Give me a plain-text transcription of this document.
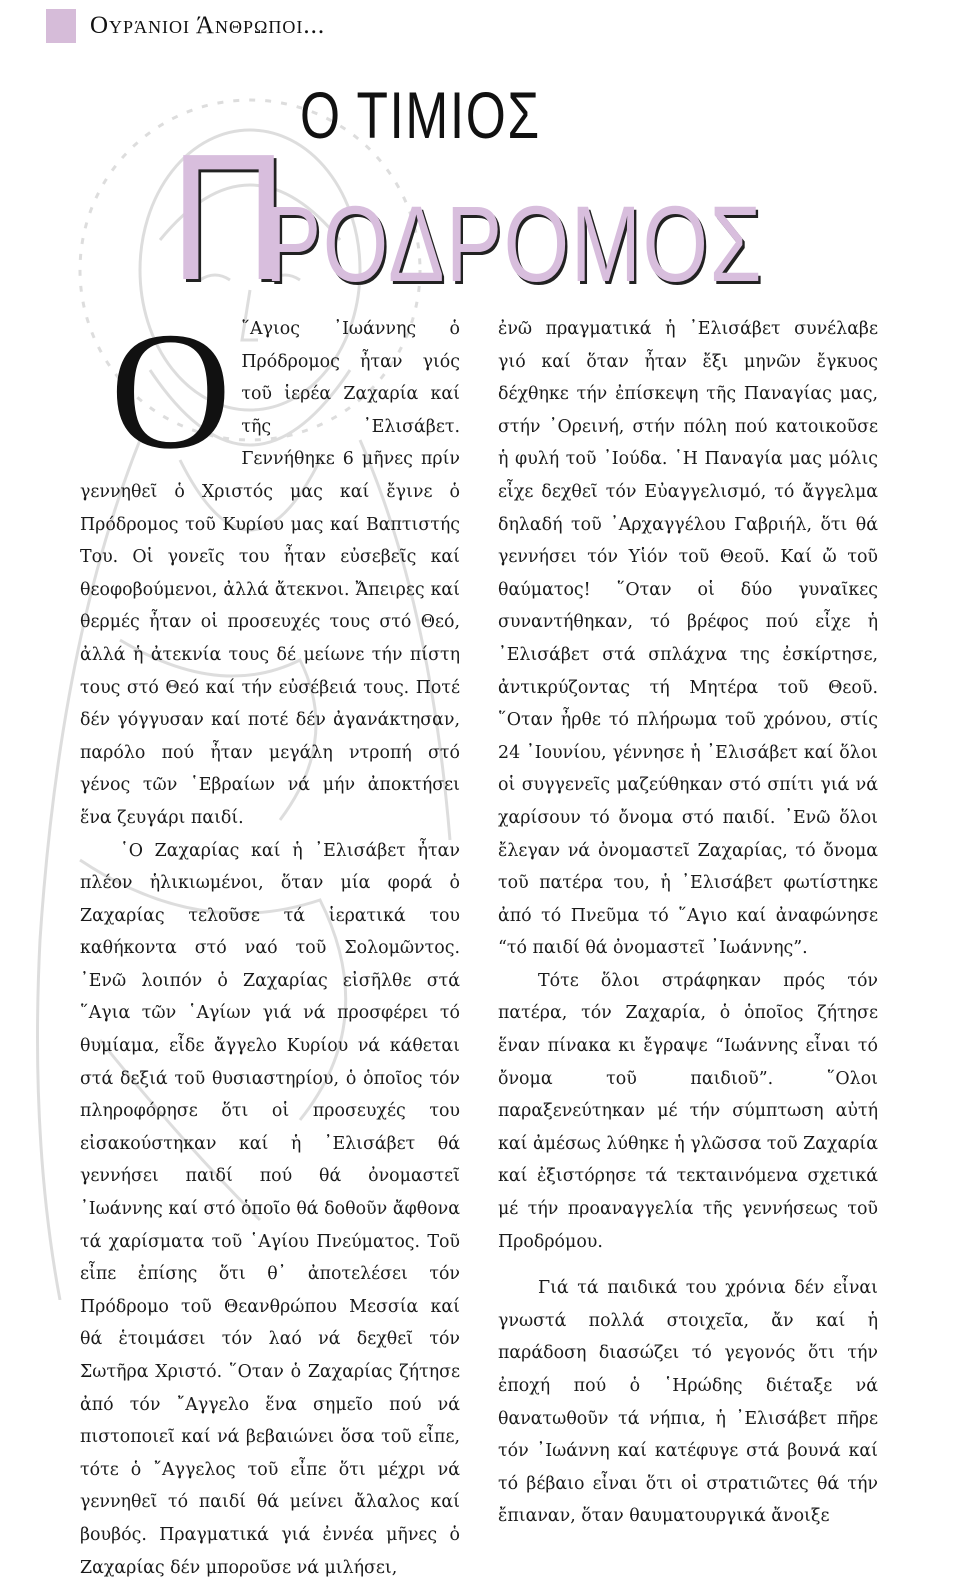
Ουράνιοι Άνθρωποι...
Ο ΤΙΜΙΟΣ
Π
ΡΟΔΡΟΜΟΣ

Ο ῞Αγιος ᾿Ιωάννης ὁ Πρόδρομος ἦταν γιός τοῦ ἱερέα Ζαχαρία καί τῆς ᾿Ελισάβετ. Γεννήθηκε 6 μῆνες πρίν γεννηθεῖ ὁ Χριστός μας καί ἔγινε ὁ Πρόδρομος τοῦ Κυρίου μας καί Βαπτιστής Του. Οἱ γονεῖς του ἦταν εὐσεβεῖς καί θεοφοβούμενοι, ἀλλά ἄτεκνοι. Ἄπειρες καί θερμές ἦταν οἱ προσευχές τους στό Θεό, ἀλλά ἡ ἀτεκνία τους δέ μείωνε τήν πίστη τους στό Θεό καί τήν εὐσέβειά τους. Ποτέ δέν γόγγυσαν καί ποτέ δέν ἀγανάκτησαν, παρόλο πού ἦταν μεγάλη ντροπή στό γένος τῶν ῾Εβραίων νά μήν ἀποκτήσει ἕνα ζευγάρι παιδί.

῾Ο Ζαχαρίας καί ἡ ᾿Ελισάβετ ἦταν πλέον ἡλικιωμένοι, ὅταν μία φορά ὁ Ζαχαρίας τελοῦσε τά ἱερατικά του καθήκοντα στό ναό τοῦ Σολομῶντος. ᾿Ενῶ λοιπόν ὁ Ζαχαρίας εἰσῆλθε στά ῞Αγια τῶν ῾Αγίων γιά νά προσφέρει τό θυμίαμα, εἶδε ἄγγελο Κυρίου νά κάθεται στά δεξιά τοῦ θυσιαστηρίου, ὁ ὁποῖος τόν πληροφόρησε ὅτι οἱ προσευχές του εἰσακούστηκαν καί ἡ ᾿Ελισάβετ θά γεννήσει παιδί πού θά ὀνομαστεῖ ᾿Ιωάννης καί στό ὁποῖο θά δοθοῦν ἄφθονα τά χαρίσματα τοῦ ῾Αγίου Πνεύματος. Τοῦ εἶπε ἐπίσης ὅτι θ᾿ ἀποτελέσει τόν Πρόδρομο τοῦ Θεανθρώπου Μεσσία καί θά ἑτοιμάσει τόν λαό νά δεχθεῖ τόν Σωτῆρα Χριστό. ῞Οταν ὁ Ζαχαρίας ζήτησε ἀπό τόν ῎Αγγελο ἕνα σημεῖο πού νά πιστοποιεῖ καί νά βεβαιώνει ὅσα τοῦ εἶπε, τότε ὁ ῎Αγγελος τοῦ εἶπε ὅτι μέχρι νά γεννηθεῖ τό παιδί θά μείνει ἄλαλος καί βουβός. Πραγματικά γιά ἐννέα μῆνες ὁ Ζαχαρίας δέν μποροῦσε νά μιλήσει,

ἐνῶ πραγματικά ἡ ᾿Ελισάβετ συνέλαβε γιό καί ὅταν ἦταν ἔξι μηνῶν ἔγκυος δέχθηκε τήν ἐπίσκεψη τῆς Παναγίας μας, στήν ᾿Ορεινή, στήν πόλη πού κατοικοῦσε ἡ φυλή τοῦ ᾿Ιούδα. ῾Η Παναγία μας μόλις εἶχε δεχθεῖ τόν Εὐαγγελισμό, τό ἄγγελμα δηλαδή τοῦ ᾿Αρχαγγέλου Γαβριήλ, ὅτι θά γεννήσει τόν Υἱόν τοῦ Θεοῦ. Καί ὤ τοῦ θαύματος! ῞Οταν οἱ δύο γυναῖκες συναντήθηκαν, τό βρέφος πού εἶχε ἡ ᾿Ελισάβετ στά σπλάχνα της ἐσκίρτησε, ἀντικρύζοντας τή Μητέρα τοῦ Θεοῦ. ῞Οταν ἦρθε τό πλήρωμα τοῦ χρόνου, στίς 24 ᾿Ιουνίου, γέννησε ἡ ᾿Ελισάβετ καί ὅλοι οἱ συγγενεῖς μαζεύθηκαν στό σπίτι γιά νά χαρίσουν τό ὄνομα στό παιδί. ᾿Ενῶ ὅλοι ἔλεγαν νά ὀνομαστεῖ Ζαχαρίας, τό ὄνομα τοῦ πατέρα του, ἡ ᾿Ελισάβετ φωτίστηκε ἀπό τό Πνεῦμα τό ῞Αγιο καί ἀναφώνησε “τό παιδί θά ὀνομαστεῖ ᾿Ιωάννης”.

Τότε ὅλοι στράφηκαν πρός τόν πατέρα, τόν Ζαχαρία, ὁ ὁποῖος ζήτησε ἕναν πίνακα κι ἔγραψε “Ιωάννης εἶναι τό ὄνομα τοῦ παιδιοῦ”. ῞Ολοι παραξενεύτηκαν μέ τήν σύμπτωση αὐτή καί ἀμέσως λύθηκε ἡ γλῶσσα τοῦ Ζαχαρία καί ἐξιστόρησε τά τεκταινόμενα σχετικά μέ τήν προαναγγελία τῆς γεννήσεως τοῦ Προδρόμου.

Γιά τά παιδικά του χρόνια δέν εἶναι γνωστά πολλά στοιχεῖα, ἄν καί ἡ παράδοση διασώζει τό γεγονός ὅτι τήν ἐποχή πού ὁ ῾Ηρώδης διέταξε νά θανατωθοῦν τά νήπια, ἡ ᾿Ελισάβετ πῆρε τόν ᾿Ιωάννη καί κατέφυγε στά βουνά καί τό βέβαιο εἶναι ὅτι οἱ στρατιῶτες θά τήν ἔπιαναν, ὅταν θαυματουργικά ἄνοιξε
